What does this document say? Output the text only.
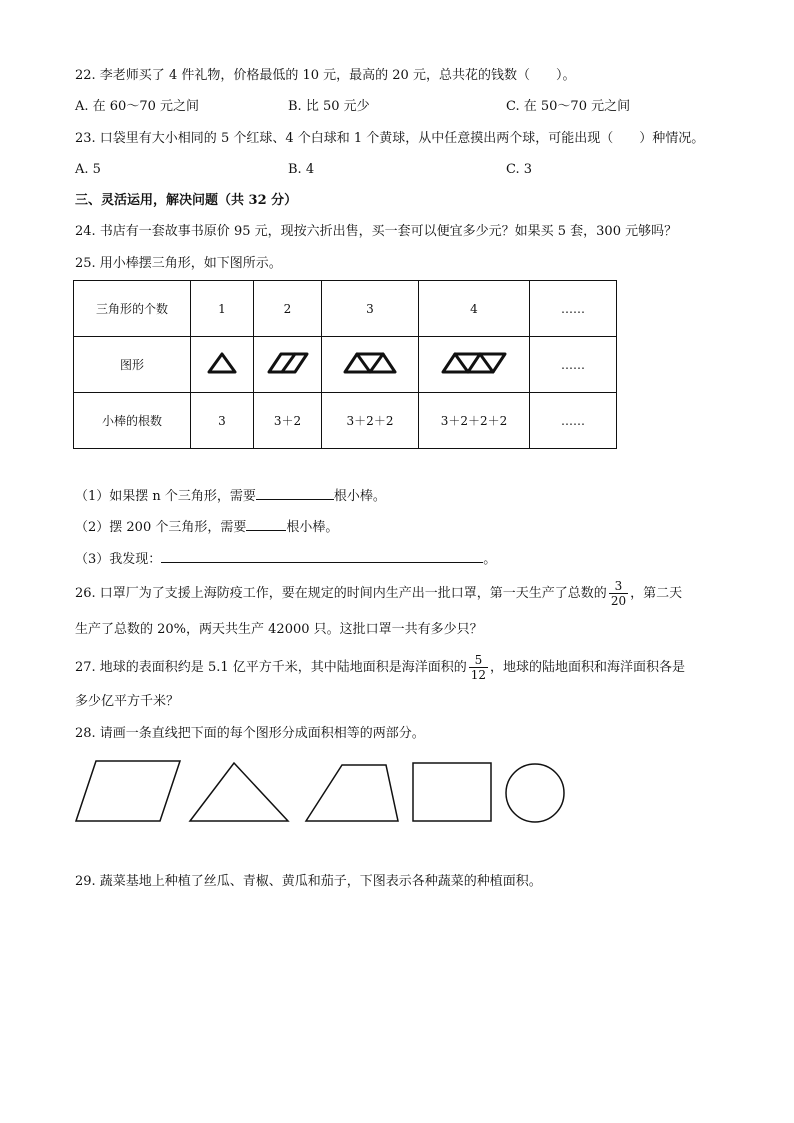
22. 李老师买了 4 件礼物，价格最低的 10 元，最高的 20 元，总共花的钱数（　　）。
A. 在 60～70 元之间	B. 比 50 元少	C. 在 50～70 元之间
23. 口袋里有大小相同的 5 个红球、4 个白球和 1 个黄球，从中任意摸出两个球，可能出现（　　）种情况。
A. 5	B. 4	C. 3
三、灵活运用，解决问题（共 32 分）
24. 书店有一套故事书原价 95 元，现按六折出售，买一套可以便宜多少元？如果买 5 套，300 元够吗？
25. 用小棒摆三角形，如下图所示。
三角形的个数	1	2	3	4	……
图形					……
小棒的根数	3	3＋2	3＋2＋2	3＋2＋2＋2	……
（1）如果摆 n 个三角形，需要	根小棒。
（2）摆 200 个三角形，需要	根小棒。
（3）我发现：	。
26. 口罩厂为了支援上海防疫工作，要在规定的时间内生产出一批口罩，第一天生产了总数的 $\frac{3}{20}$ ，第二天
生产了总数的 20%，两天共生产 42000 只。这批口罩一共有多少只？
27. 地球的表面积约是 5.1 亿平方千米，其中陆地面积是海洋面积的 $\frac{5}{12}$ ，地球的陆地面积和海洋面积各是
多少亿平方千米？
28. 请画一条直线把下面的每个图形分成面积相等的两部分。
29. 蔬菜基地上种植了丝瓜、青椒、黄瓜和茄子，下图表示各种蔬菜的种植面积。
